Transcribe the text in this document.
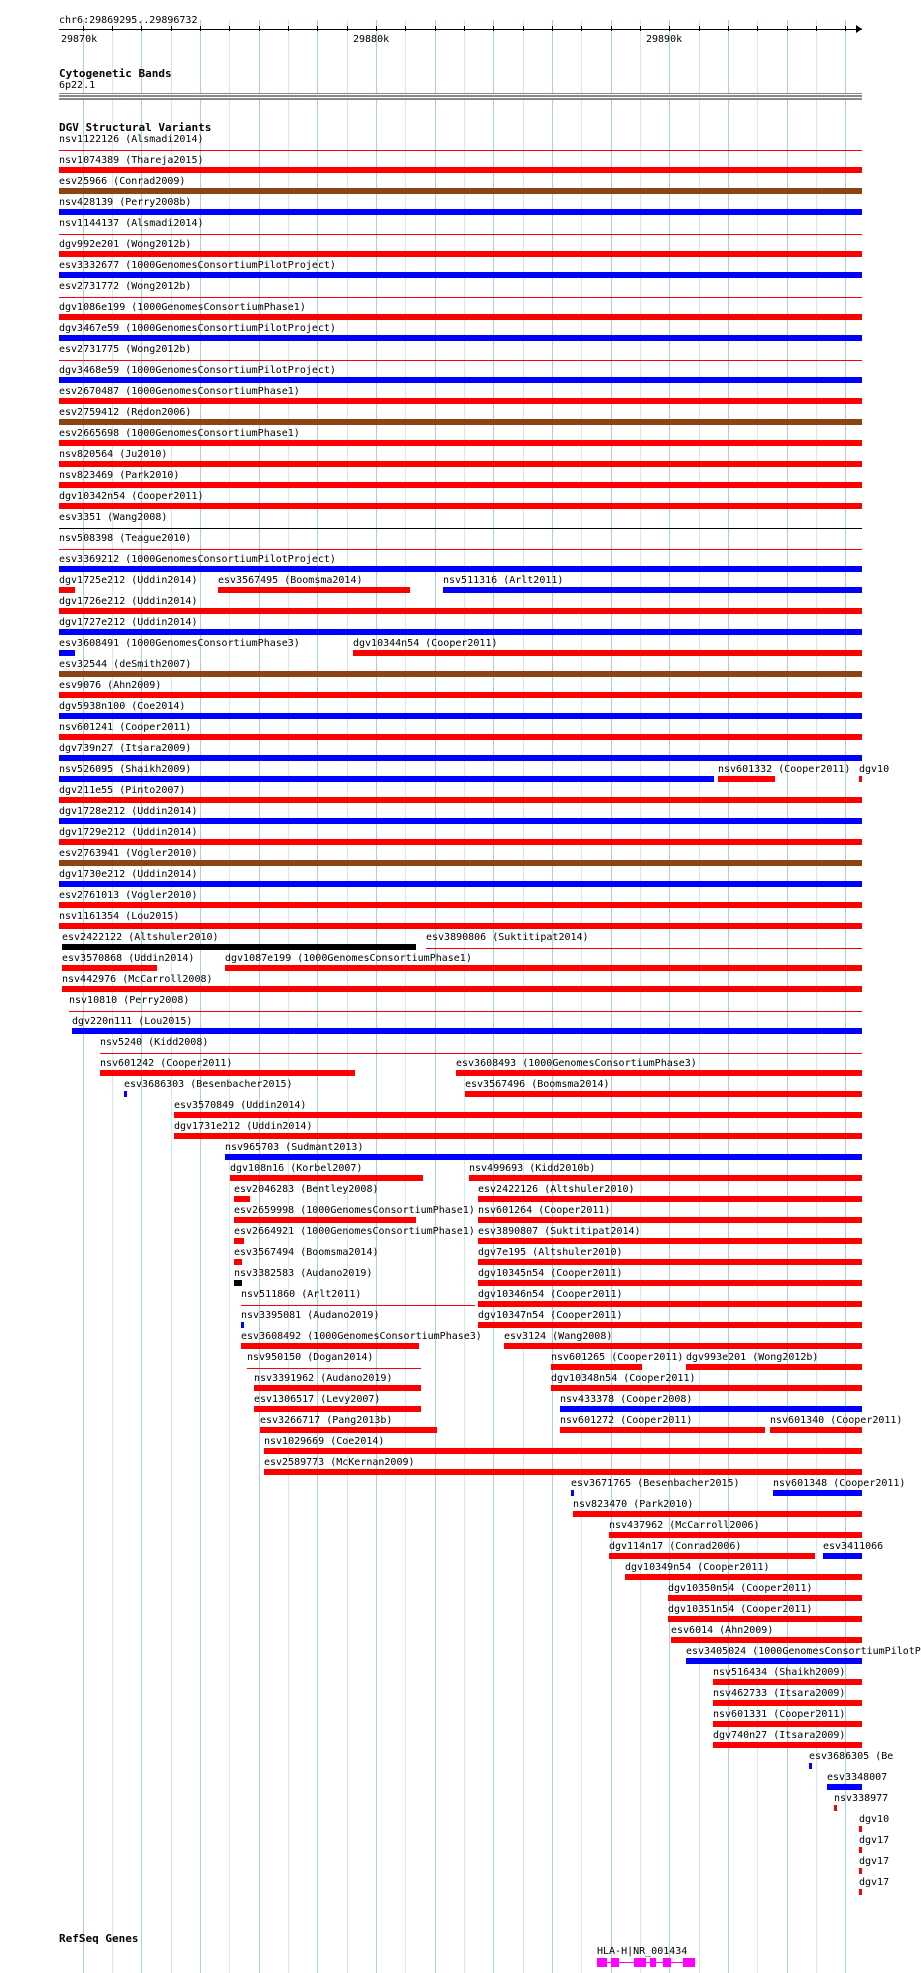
chr6:29869295..29896732
29870k	29880k	29890k
Cytogenetic Bands
6p22.1
DGV Structural Variants
RefSeq Genes
HLA-H|NR_001434
nsv1122126 (Alsmadi2014)
nsv1074389 (Thareja2015)
esv25966 (Conrad2009)
nsv428139 (Perry2008b)
nsv1144137 (Alsmadi2014)
dgv992e201 (Wong2012b)
esv3332677 (1000GenomesConsortiumPilotProject)
esv2731772 (Wong2012b)
dgv1086e199 (1000GenomesConsortiumPhase1)
dgv3467e59 (1000GenomesConsortiumPilotProject)
esv2731775 (Wong2012b)
dgv3468e59 (1000GenomesConsortiumPilotProject)
esv2670487 (1000GenomesConsortiumPhase1)
esv2759412 (Redon2006)
esv2665698 (1000GenomesConsortiumPhase1)
nsv820564 (Ju2010)
nsv823469 (Park2010)
dgv10342n54 (Cooper2011)
esv3351 (Wang2008)
nsv508398 (Teague2010)
esv3369212 (1000GenomesConsortiumPilotProject)
dgv1725e212 (Uddin2014) esv3567495 (Boomsma2014)	nsv511316 (Arlt2011)
dgv1726e212 (Uddin2014)
dgv1727e212 (Uddin2014)
esv3608491 (1000GenomesConsortiumPhase3)	dgv10344n54 (Cooper2011)
esv32544 (deSmith2007)
esv9076 (Ahn2009)
dgv5938n100 (Coe2014)
nsv601241 (Cooper2011)
dgv739n27 (Itsara2009)
nsv526095 (Shaikh2009)	nsv601332 (Cooper2011) dgv10
dgv211e55 (Pinto2007)
dgv1728e212 (Uddin2014)
dgv1729e212 (Uddin2014)
esv2763941 (Vogler2010)
dgv1730e212 (Uddin2014)
esv2761013 (Vogler2010)
nsv1161354 (Lou2015)
esv2422122 (Altshuler2010)	esv3890806 (Suktitipat2014)
esv3570868 (Uddin2014)	dgv1087e199 (1000GenomesConsortiumPhase1)
nsv442976 (McCarroll2008)
nsv10810 (Perry2008)
dgv220n111 (Lou2015)
nsv5240 (Kidd2008)
nsv601242 (Cooper2011)	esv3608493 (1000GenomesConsortiumPhase3)
esv3686303 (Besenbacher2015)	esv3567496 (Boomsma2014)
esv3570849 (Uddin2014)
dgv1731e212 (Uddin2014)
nsv965703 (Sudmant2013)
dgv108n16 (Korbel2007)	nsv499693 (Kidd2010b)
esv2046283 (Bentley2008)	esv2422126 (Altshuler2010)
esv2659998 (1000GenomesConsortiumPhase1) nsv601264 (Cooper2011)
esv2664921 (1000GenomesConsortiumPhase1) esv3890807 (Suktitipat2014)
esv3567494 (Boomsma2014)	dgv7e195 (Altshuler2010)
nsv3382583 (Audano2019)	dgv10345n54 (Cooper2011)
nsv511860 (Arlt2011)	dgv10346n54 (Cooper2011)
nsv3395081 (Audano2019)	dgv10347n54 (Cooper2011)
esv3608492 (1000GenomesConsortiumPhase3) esv3124 (Wang2008)
nsv950150 (Dogan2014)	nsv601265 (Cooper2011) dgv993e201 (Wong2012b)
nsv3391962 (Audano2019)	dgv10348n54 (Cooper2011)
esv1306517 (Levy2007)	nsv433378 (Cooper2008)
esv3266717 (Pang2013b)	nsv601272 (Cooper2011)	nsv601340 (Cooper2011)
nsv1029669 (Coe2014)
esv2589773 (McKernan2009)
esv3671765 (Besenbacher2015)	nsv601348 (Cooper2011)
nsv823470 (Park2010)
nsv437962 (McCarroll2006)
dgv114n17 (Conrad2006)	esv3411066
dgv10349n54 (Cooper2011)
dgv10350n54 (Cooper2011)
dgv10351n54 (Cooper2011)
esv6014 (Ahn2009)
esv3405024 (1000GenomesConsortiumPilotP
nsv516434 (Shaikh2009)
nsv462733 (Itsara2009)
nsv601331 (Cooper2011)
dgv740n27 (Itsara2009)
esv3686305 (Be
esv3348007
nsv338977
dgv10
dgv17
dgv17
dgv17
